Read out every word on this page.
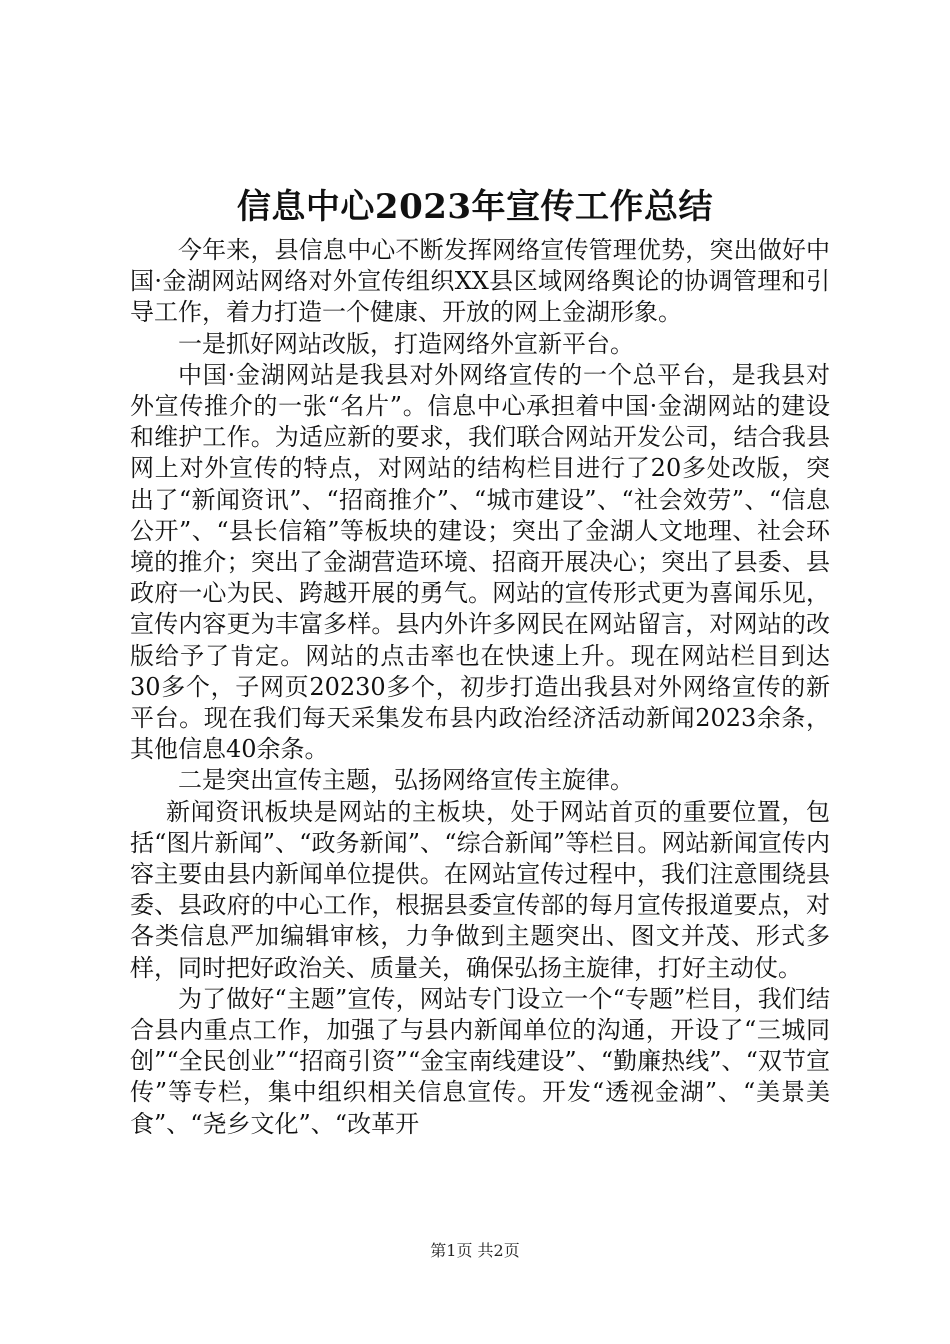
信息中心2023年宣传工作总结

今年来，县信息中心不断发挥网络宣传管理优势，突出做好中国·金湖网站网络对外宣传组织XX县区域网络舆论的协调管理和引导工作，着力打造一个健康、开放的网上金湖形象。

一是抓好网站改版，打造网络外宣新平台。

中国·金湖网站是我县对外网络宣传的一个总平台，是我县对外宣传推介的一张“名片”。信息中心承担着中国·金湖网站的建设和维护工作。为适应新的要求，我们联合网站开发公司，结合我县网上对外宣传的特点，对网站的结构栏目进行了20多处改版，突出了“新闻资讯”、“招商推介”、“城市建设”、“社会效劳”、“信息公开”、“县长信箱”等板块的建设；突出了金湖人文地理、社会环境的推介；突出了金湖营造环境、招商开展决心；突出了县委、县政府一心为民、跨越开展的勇气。网站的宣传形式更为喜闻乐见，宣传内容更为丰富多样。县内外许多网民在网站留言，对网站的改版给予了肯定。网站的点击率也在快速上升。现在网站栏目到达30多个，子网页20230多个，初步打造出我县对外网络宣传的新平台。现在我们每天采集发布县内政治经济活动新闻2023余条，其他信息40余条。

二是突出宣传主题，弘扬网络宣传主旋律。

新闻资讯板块是网站的主板块，处于网站首页的重要位置，包括“图片新闻”、“政务新闻”、“综合新闻”等栏目。网站新闻宣传内容主要由县内新闻单位提供。在网站宣传过程中，我们注意围绕县委、县政府的中心工作，根据县委宣传部的每月宣传报道要点，对各类信息严加编辑审核，力争做到主题突出、图文并茂、形式多样，同时把好政治关、质量关，确保弘扬主旋律，打好主动仗。

为了做好“主题”宣传，网站专门设立一个“专题”栏目，我们结合县内重点工作，加强了与县内新闻单位的沟通，开设了“三城同创”“全民创业”“招商引资”“金宝南线建设”、“勤廉热线”、“双节宣传”等专栏，集中组织相关信息宣传。开发“透视金湖”、“美景美食”、“尧乡文化”、“改革开

第1页 共2页
